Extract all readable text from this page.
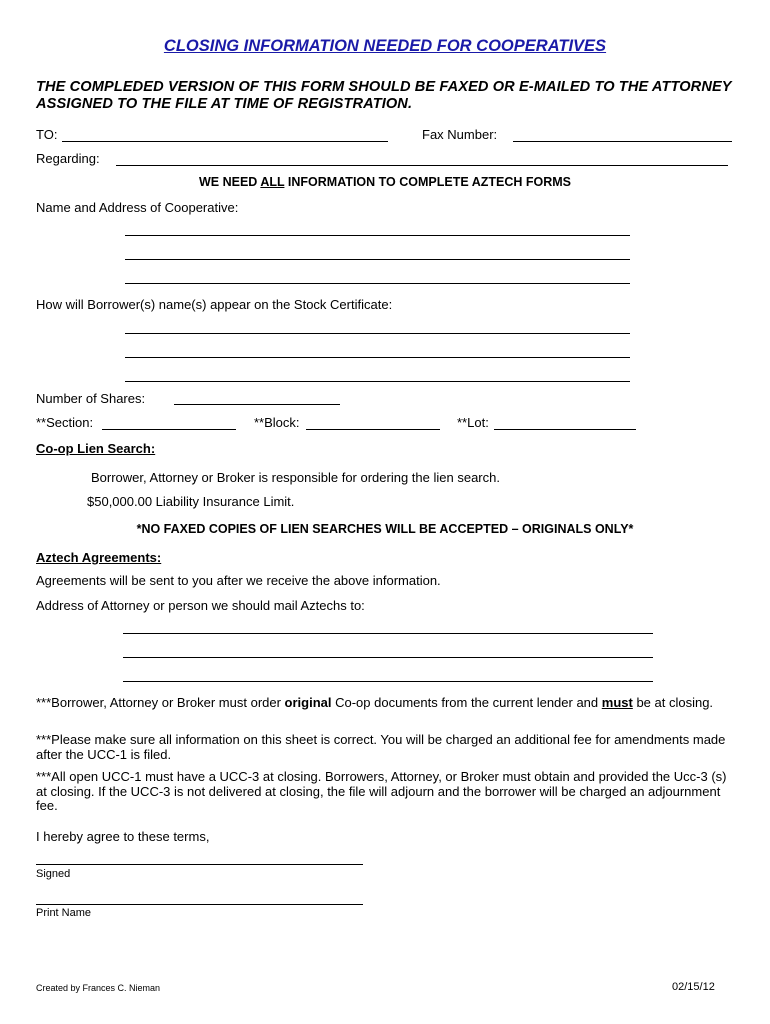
CLOSING INFORMATION NEEDED FOR COOPERATIVES
THE COMPLEDED VERSION OF THIS FORM SHOULD BE FAXED OR E-MAILED TO THE ATTORNEY ASSIGNED TO THE FILE AT TIME OF REGISTRATION.
TO:	Fax Number:
Regarding:
WE NEED ALL INFORMATION TO COMPLETE AZTECH FORMS
Name and Address of Cooperative:
How will Borrower(s) name(s) appear on the Stock Certificate:
Number of Shares:
**Section:	**Block:	**Lot:
Co-op Lien Search:
Borrower, Attorney or Broker is responsible for ordering the lien search.
$50,000.00 Liability Insurance Limit.
*NO FAXED COPIES OF LIEN SEARCHES WILL BE ACCEPTED – ORIGINALS ONLY*
Aztech Agreements:
Agreements will be sent to you after we receive the above information.
Address of Attorney or person we should mail Aztechs to:
***Borrower, Attorney or Broker must order original Co-op documents from the current lender and must be at closing.
***Please make sure all information on this sheet is correct. You will be charged an additional fee for amendments made after the UCC-1 is filed.
***All open UCC-1 must have a UCC-3 at closing. Borrowers, Attorney, or Broker must obtain and provided the Ucc-3 (s) at closing. If the UCC-3 is not delivered at closing, the file will adjourn and the borrower will be charged an adjournment fee.
I hereby agree to these terms,
Signed
Print Name
Created by Frances C. Nieman	02/15/12
